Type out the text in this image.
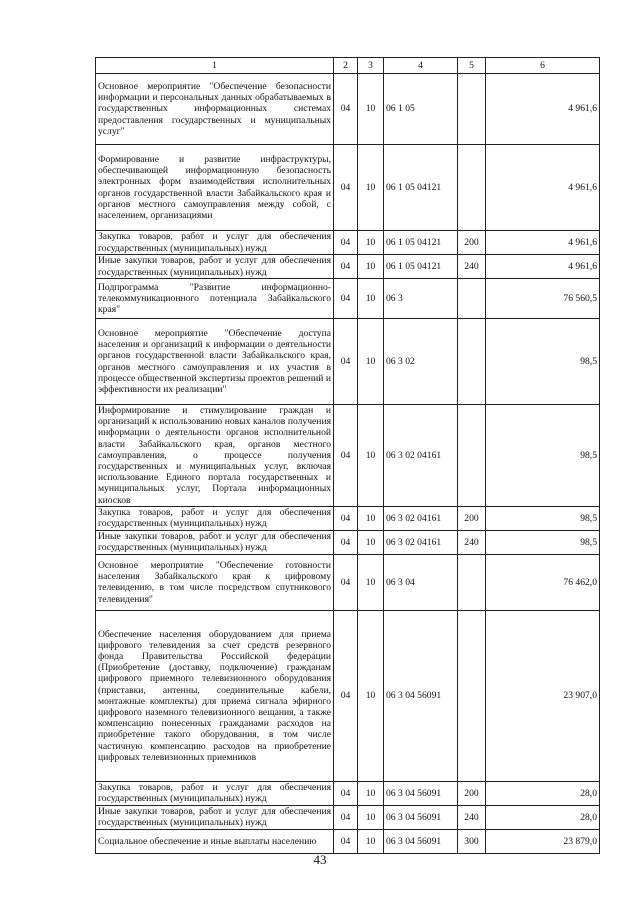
1	2	3	4	5	6
Основное мероприятие "Обеспечение безопасности информации и персональных данных обрабатываемых в государственных информационных системах предоставления государственных и муниципальных услуг"	04	10	06 1 05		4 961,6
Формирование и развитие инфраструктуры, обеспечивающей информационную безопасность электронных форм взаимодействия исполнительных органов государственной власти Забайкальского края и органов местного самоуправления между собой, с населением, организациями	04	10	06 1 05 04121		4 961,6
Закупка товаров, работ и услуг для обеспечения государственных (муниципальных) нужд	04	10	06 1 05 04121	200	4 961,6
Иные закупки товаров, работ и услуг для обеспечения государственных (муниципальных) нужд	04	10	06 1 05 04121	240	4 961,6
Подпрограмма "Развитие информационно-телекоммуникационного потенциала Забайкальского края"	04	10	06 3		76 560,5
Основное мероприятие "Обеспечение доступа населения и организаций к информации о деятельности органов государственной власти Забайкальского края, органов местного самоуправления и их участия в процессе общественной экспертизы проектов решений и эффективности их реализации"	04	10	06 3 02		98,5
Информирование и стимулирование граждан и организаций к использованию новых каналов получения информации о деятельности органов исполнительной власти Забайкальского края, органов местного самоуправления, о процессе получения государственных и муниципальных услуг, включая использование Единого портала государственных и муниципальных услуг, Портала информационных киосков	04	10	06 3 02 04161		98,5
Закупка товаров, работ и услуг для обеспечения государственных (муниципальных) нужд	04	10	06 3 02 04161	200	98,5
Иные закупки товаров, работ и услуг для обеспечения государственных (муниципальных) нужд	04	10	06 3 02 04161	240	98,5
Основное мероприятие "Обеспечение готовности населения Забайкальского края к цифровому телевидению, в том числе посредством спутникового телевидения"	04	10	06 3 04		76 462,0
Обеспечение населения оборудованием для приема цифрового телевидения за счет средств резервного фонда Правительства Российской федерации (Приобретение (доставку, подключение) гражданам цифрового приемного телевизионного оборудования (приставки, антенны, соединительные кабели, монтажные комплекты) для приема сигнала эфирного цифрового наземного телевизионного вещания, а также компенсацию понесенных гражданами расходов на приобретение такого оборудования, в том числе частичную компенсацию расходов на приобретение цифровых телевизионных приемников	04	10	06 3 04 56091		23 907,0
Закупка товаров, работ и услуг для обеспечения государственных (муниципальных) нужд	04	10	06 3 04 56091	200	28,0
Иные закупки товаров, работ и услуг для обеспечения государственных (муниципальных) нужд	04	10	06 3 04 56091	240	28,0
Социальное обеспечение и иные выплаты населению	04	10	06 3 04 56091	300	23 879,0
43
